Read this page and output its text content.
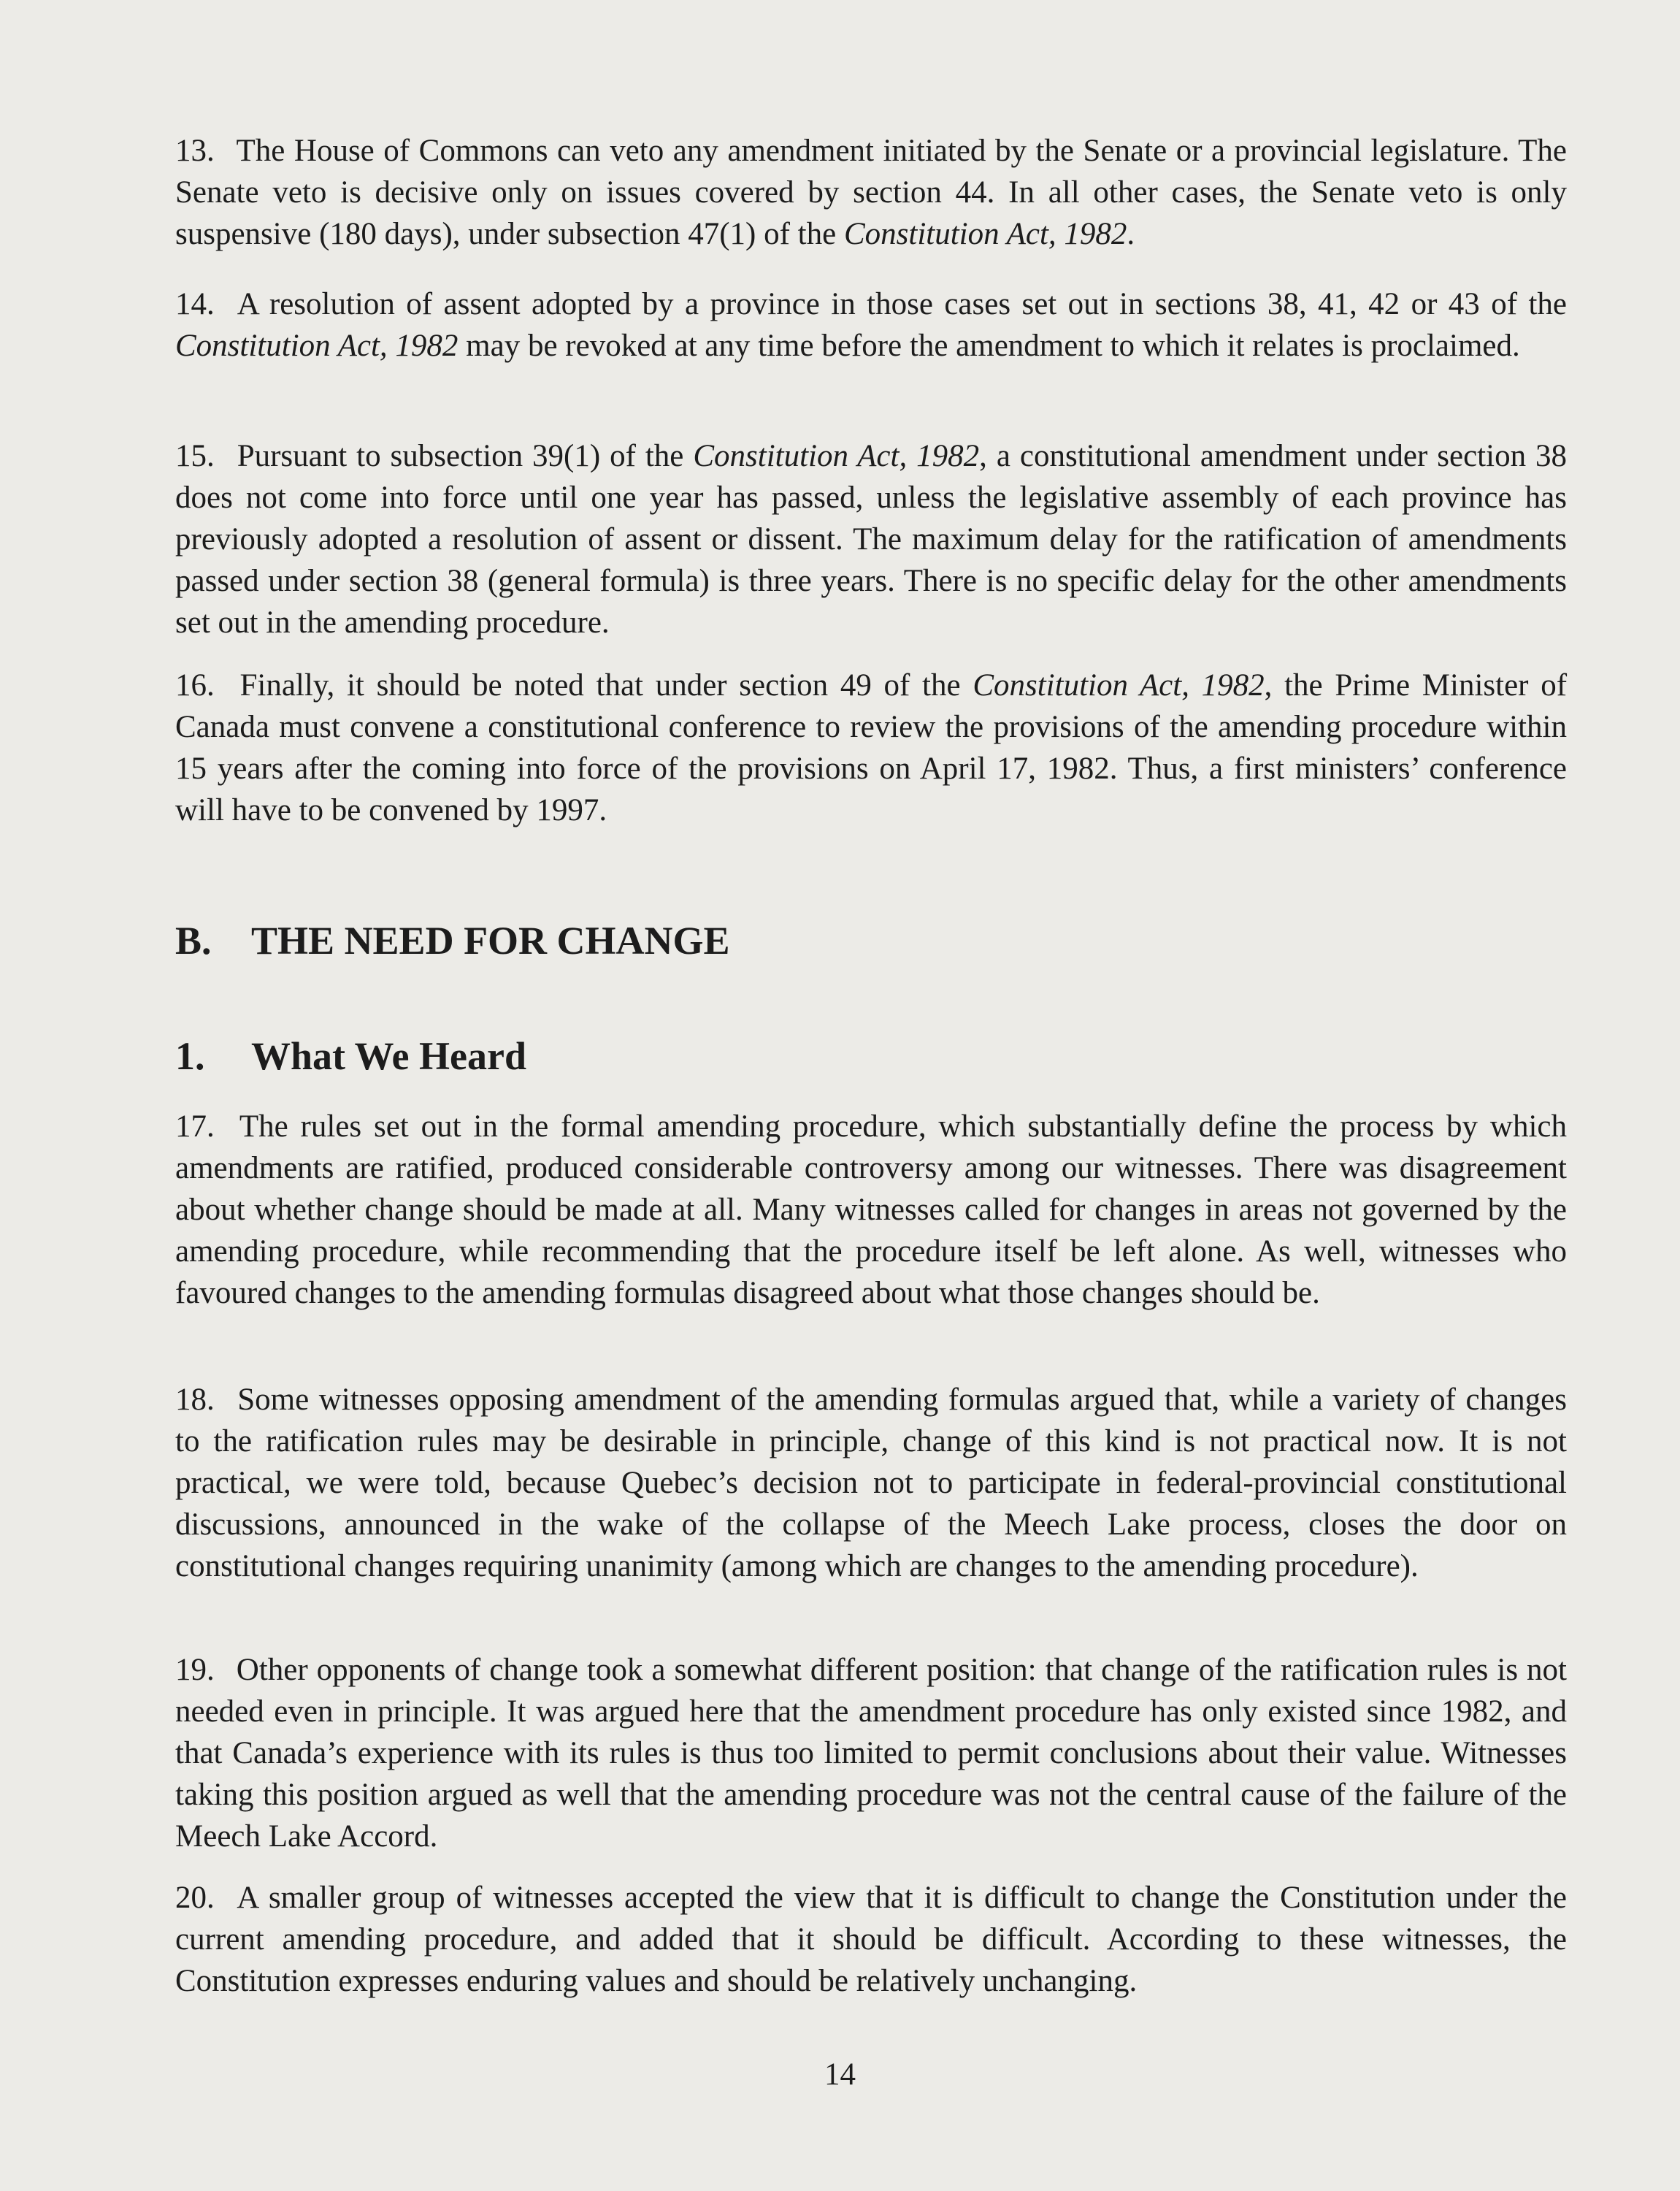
13. The House of Commons can veto any amendment initiated by the Senate or a provincial legislature. The Senate veto is decisive only on issues covered by section 44. In all other cases, the Senate veto is only suspensive (180 days), under subsection 47(1) of the Constitution Act, 1982.

14. A resolution of assent adopted by a province in those cases set out in sections 38, 41, 42 or 43 of the Constitution Act, 1982 may be revoked at any time before the amendment to which it relates is proclaimed.

15. Pursuant to subsection 39(1) of the Constitution Act, 1982, a constitutional amendment under section 38 does not come into force until one year has passed, unless the legislative assembly of each province has previously adopted a resolution of assent or dissent. The maximum delay for the ratification of amendments passed under section 38 (general formula) is three years. There is no specific delay for the other amendments set out in the amending procedure.

16. Finally, it should be noted that under section 49 of the Constitution Act, 1982, the Prime Minister of Canada must convene a constitutional conference to review the provisions of the amending procedure within 15 years after the coming into force of the provisions on April 17, 1982. Thus, a first ministers’ conference will have to be convened by 1997.

B. THE NEED FOR CHANGE
1. What We Heard

17. The rules set out in the formal amending procedure, which substantially define the process by which amendments are ratified, produced considerable controversy among our witnesses. There was disagreement about whether change should be made at all. Many witnesses called for changes in areas not governed by the amending procedure, while recommending that the procedure itself be left alone. As well, witnesses who favoured changes to the amending formulas disagreed about what those changes should be.

18. Some witnesses opposing amendment of the amending formulas argued that, while a variety of changes to the ratification rules may be desirable in principle, change of this kind is not practical now. It is not practical, we were told, because Quebec’s decision not to participate in federal-provincial constitutional discussions, announced in the wake of the collapse of the Meech Lake process, closes the door on constitutional changes requiring unanimity (among which are changes to the amending procedure).

19. Other opponents of change took a somewhat different position: that change of the ratification rules is not needed even in principle. It was argued here that the amendment procedure has only existed since 1982, and that Canada’s experience with its rules is thus too limited to permit conclusions about their value. Witnesses taking this position argued as well that the amending procedure was not the central cause of the failure of the Meech Lake Accord.

20. A smaller group of witnesses accepted the view that it is difficult to change the Constitution under the current amending procedure, and added that it should be difficult. According to these witnesses, the Constitution expresses enduring values and should be relatively unchanging.

14
